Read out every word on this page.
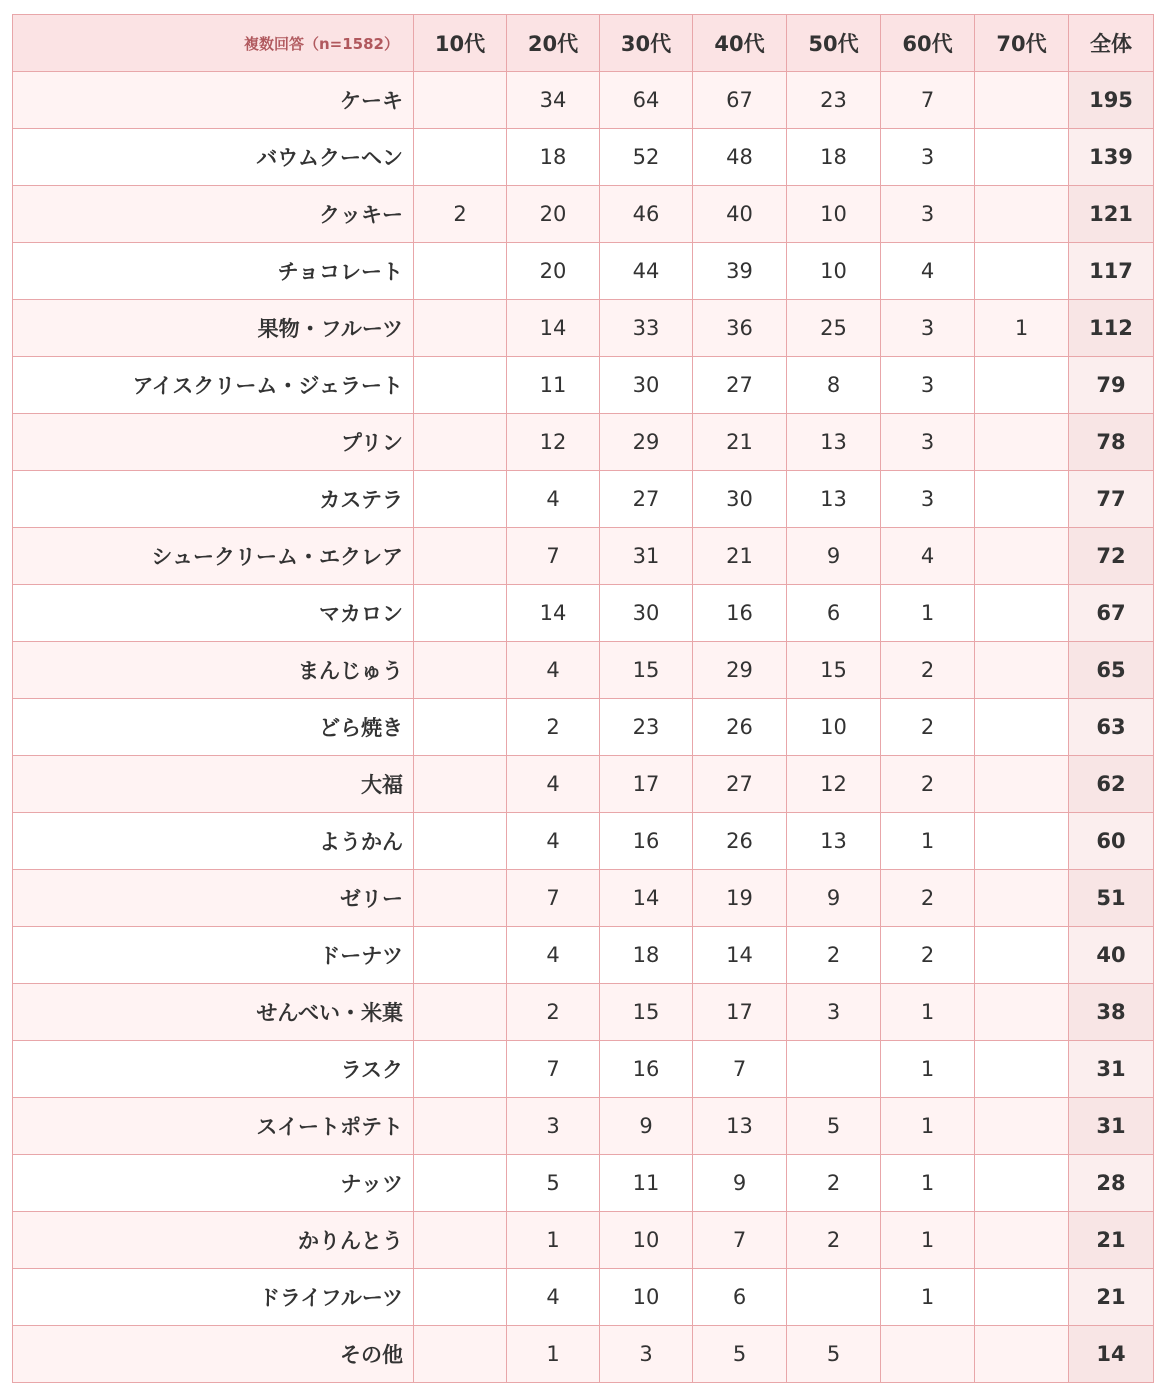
複数回答（n=1582）	10代	20代	30代	40代	50代	60代	70代	全体
ケーキ		34	64	67	23	7		195
バウムクーヘン		18	52	48	18	3		139
クッキー	2	20	46	40	10	3		121
チョコレート		20	44	39	10	4		117
果物・フルーツ		14	33	36	25	3	1	112
アイスクリーム・ジェラート		11	30	27	8	3		79
プリン		12	29	21	13	3		78
カステラ		4	27	30	13	3		77
シュークリーム・エクレア		7	31	21	9	4		72
マカロン		14	30	16	6	1		67
まんじゅう		4	15	29	15	2		65
どら焼き		2	23	26	10	2		63
大福		4	17	27	12	2		62
ようかん		4	16	26	13	1		60
ゼリー		7	14	19	9	2		51
ドーナツ		4	18	14	2	2		40
せんべい・米菓		2	15	17	3	1		38
ラスク		7	16	7		1		31
スイートポテト		3	9	13	5	1		31
ナッツ		5	11	9	2	1		28
かりんとう		1	10	7	2	1		21
ドライフルーツ		4	10	6		1		21
その他		1	3	5	5			14
